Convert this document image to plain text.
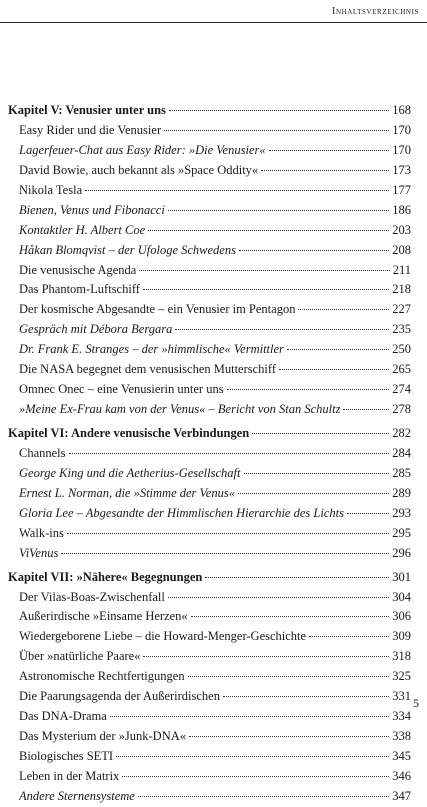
Inhaltsverzeichnis
Kapitel V: Venusier unter uns	168
Easy Rider und die Venusier	170
Lagerfeuer-Chat aus Easy Rider: »Die Venusier«	170
David Bowie, auch bekannt als »Space Oddity«	173
Nikola Tesla	177
Bienen, Venus und Fibonacci	186
Kontaktler H. Albert Coe	203
Håkan Blomqvist – der Ufologe Schwedens	208
Die venusische Agenda	211
Das Phantom-Luftschiff	218
Der kosmische Abgesandte – ein Venusier im Pentagon	227
Gespräch mit Débora Bergara	235
Dr. Frank E. Stranges – der »himmlische« Vermittler	250
Die NASA begegnet dem venusischen Mutterschiff	265
Omnec Onec – eine Venusierin unter uns	274
»Meine Ex-Frau kam von der Venus« – Bericht von Stan Schultz	278
Kapitel VI: Andere venusische Verbindungen	282
Channels	284
George King und die Aetherius-Gesellschaft	285
Ernest L. Norman, die »Stimme der Venus«	289
Gloria Lee – Abgesandte der Himmlischen Hierarchie des Lichts	293
Walk-ins	295
ViVenus	296
Kapitel VII: »Nähere« Begegnungen	301
Der Vilas-Boas-Zwischenfall	304
Außerirdische »Einsame Herzen«	306
Wiedergeborene Liebe – die Howard-Menger-Geschichte	309
Über »natürliche Paare«	318
Astronomische Rechtfertigungen	325
Die Paarungsagenda der Außerirdischen	331
Das DNA-Drama	334
Das Mysterium der »Junk-DNA«	338
Biologisches SETI	345
Leben in der Matrix	346
Andere Sternensysteme	347
5
